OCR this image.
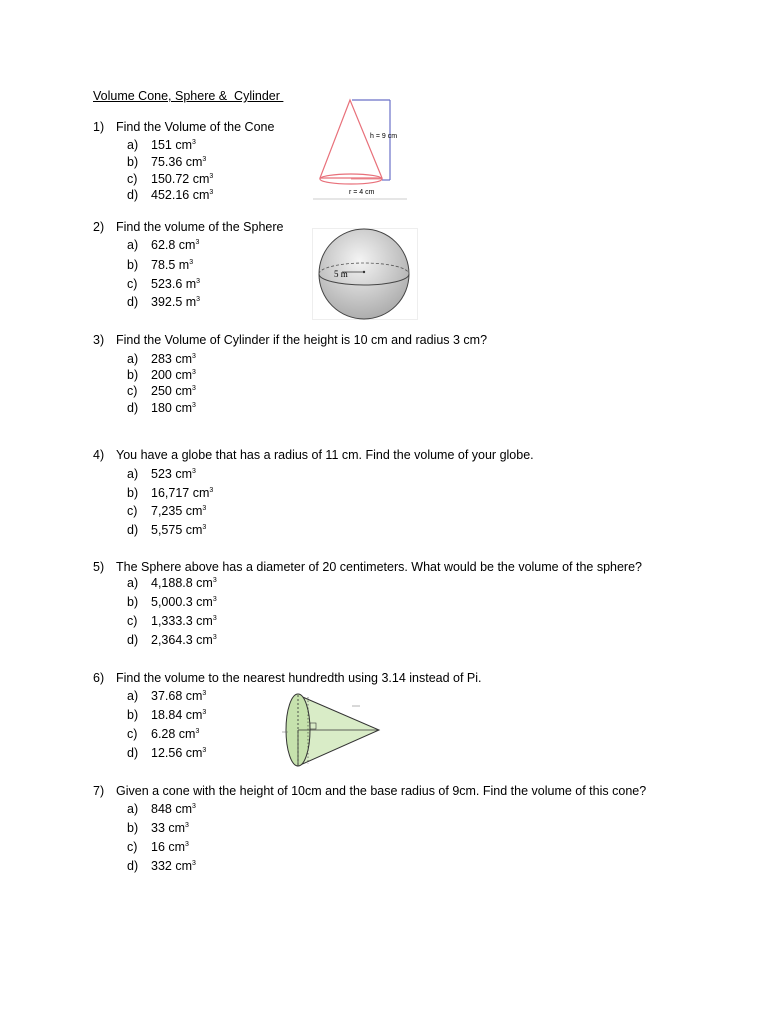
Volume Cone, Sphere &  Cylinder
1) Find the Volume of the Cone
a) 151 $cm^3$
b) 75.36 $cm^3$
c) 150.72 $cm^3$
d) 452.16 $cm^3$
h = 9 cm
r = 4 cm
2) Find the volume of the Sphere
a) 62.8 $cm^3$
b) 78.5 $m^3$
c) 523.6 $m^3$
d) 392.5 $m^3$
5 m
3) Find the Volume of Cylinder if the height is 10 cm and radius 3 cm?
a) 283 $cm^3$
b) 200 $cm^3$
c) 250 $cm^3$
d) 180 $cm^3$
4) You have a globe that has a radius of 11 cm. Find the volume of your globe.
a) 523 $cm^3$
b) 16,717 $cm^3$
c) 7,235 $cm^3$
d) 5,575 $cm^3$
5) The Sphere above has a diameter of 20 centimeters. What would be the volume of the sphere?
a) 4,188.8 $cm^3$
b) 5,000.3 $cm^3$
c) 1,333.3 $cm^3$
d) 2,364.3 $cm^3$
6) Find the volume to the nearest hundredth using 3.14 instead of Pi.
a) 37.68 $cm^3$
b) 18.84 $cm^3$
c) 6.28 $cm^3$
d) 12.56 $cm^3$
7) Given a cone with the height of 10cm and the base radius of 9cm. Find the volume of this cone?
a) 848 $cm^3$
b) 33 $cm^3$
c) 16 $cm^3$
d) 332 $cm^3$
